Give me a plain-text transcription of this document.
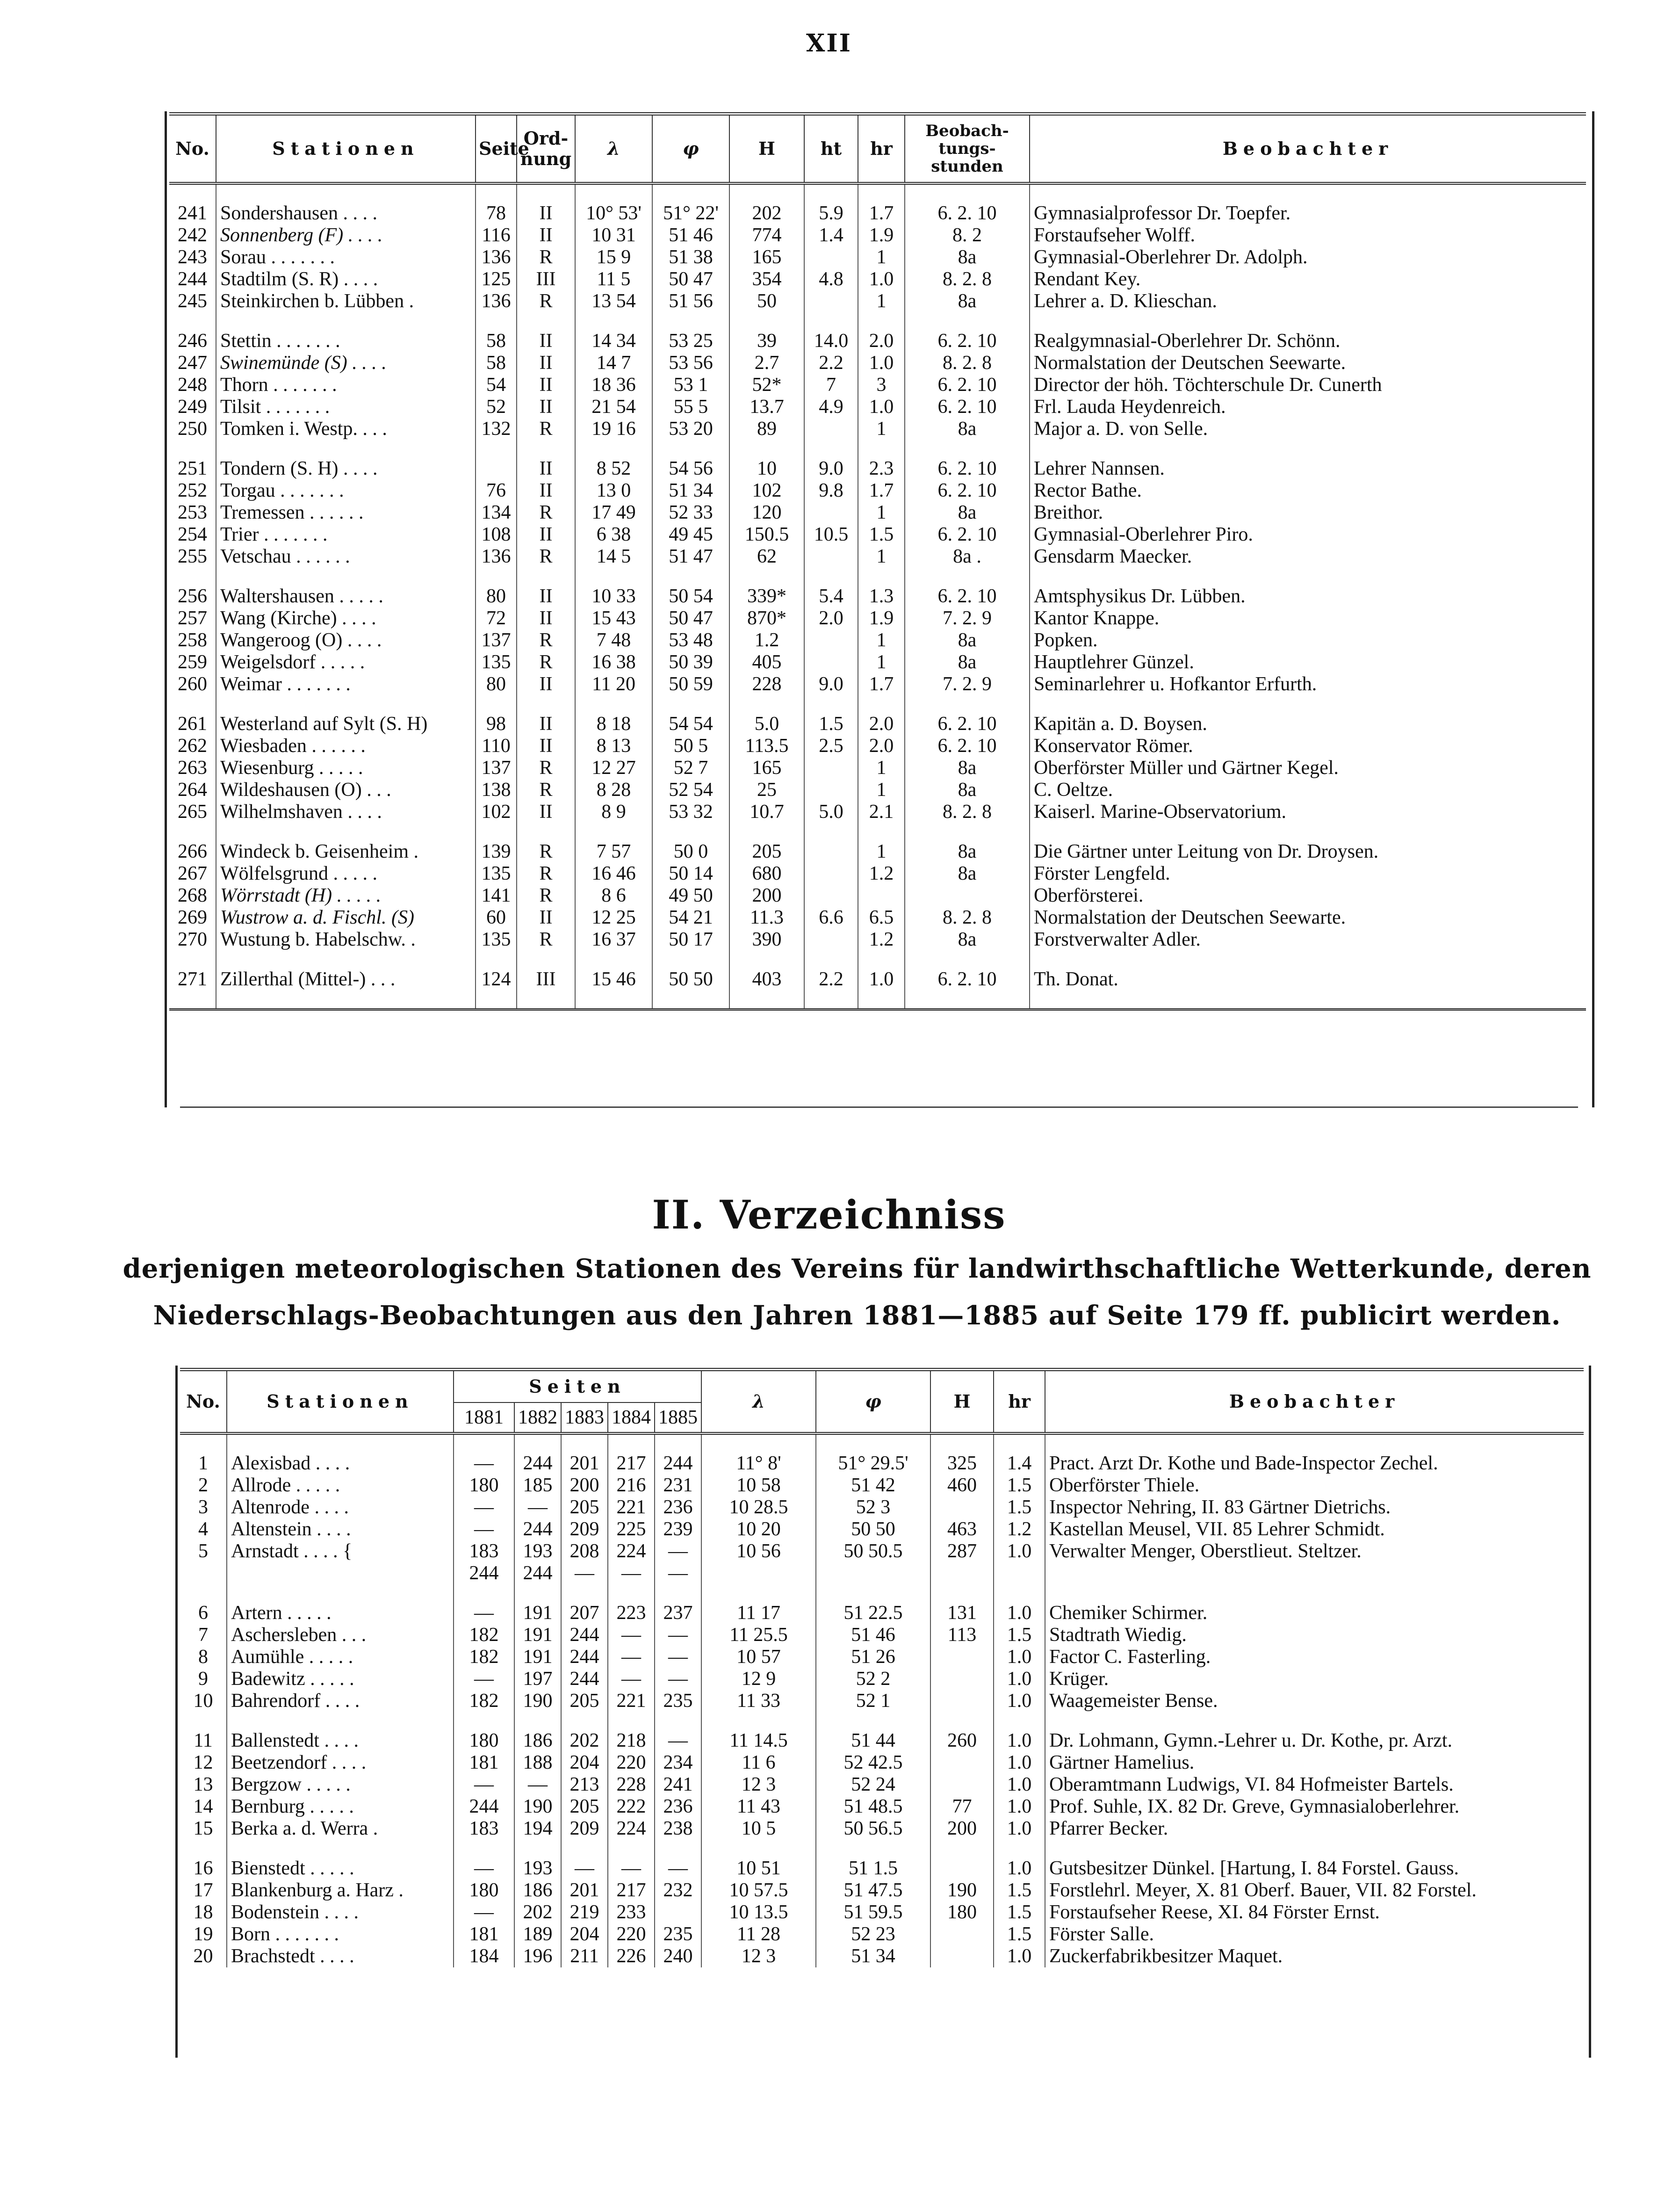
XII
No.	Stationen	Seite	Ord-
nung	λ	φ	H	ht	hr	Beobach-
tungs-
stunden	Beobachter

241	Sondershausen . . . .	78	II	10° 53'	51° 22'	202	5.9	1.7	6. 2. 10	Gymnasialprofessor Dr. Toepfer.
242	Sonnenberg (F) . . . .	116	II	10 31	51 46	774	1.4	1.9	8. 2	Forstaufseher Wolff.
243	Sorau . . . . . . .	136	R	15 9	51 38	165		1	8a	Gymnasial-Oberlehrer Dr. Adolph.
244	Stadtilm (S. R) . . . .	125	III	11 5	50 47	354	4.8	1.0	8. 2. 8	Rendant Key.
245	Steinkirchen b. Lübben .	136	R	13 54	51 56	50		1	8a	Lehrer a. D. Klieschan.

246	Stettin . . . . . . .	58	II	14 34	53 25	39	14.0	2.0	6. 2. 10	Realgymnasial-Oberlehrer Dr. Schönn.
247	Swinemünde (S) . . . .	58	II	14 7	53 56	2.7	2.2	1.0	8. 2. 8	Normalstation der Deutschen Seewarte.
248	Thorn . . . . . . .	54	II	18 36	53 1	52*	7	3	6. 2. 10	Director der höh. Töchterschule Dr. Cunerth
249	Tilsit . . . . . . .	52	II	21 54	55 5	13.7	4.9	1.0	6. 2. 10	Frl. Lauda Heydenreich.
250	Tomken i. Westp. . . .	132	R	19 16	53 20	89		1	8a	Major a. D. von Selle.

251	Tondern (S. H) . . . .		II	8 52	54 56	10	9.0	2.3	6. 2. 10	Lehrer Nannsen.
252	Torgau . . . . . . .	76	II	13 0	51 34	102	9.8	1.7	6. 2. 10	Rector Bathe.
253	Tremessen . . . . . .	134	R	17 49	52 33	120		1	8a	Breithor.
254	Trier . . . . . . .	108	II	6 38	49 45	150.5	10.5	1.5	6. 2. 10	Gymnasial-Oberlehrer Piro.
255	Vetschau . . . . . .	136	R	14 5	51 47	62		1	8a .	Gensdarm Maecker.

256	Waltershausen . . . . .	80	II	10 33	50 54	339*	5.4	1.3	6. 2. 10	Amtsphysikus Dr. Lübben.
257	Wang (Kirche) . . . .	72	II	15 43	50 47	870*	2.0	1.9	7. 2. 9	Kantor Knappe.
258	Wangeroog (O) . . . .	137	R	7 48	53 48	1.2		1	8a	Popken.
259	Weigelsdorf . . . . .	135	R	16 38	50 39	405		1	8a	Hauptlehrer Günzel.
260	Weimar . . . . . . .	80	II	11 20	50 59	228	9.0	1.7	7. 2. 9	Seminarlehrer u. Hofkantor Erfurth.

261	Westerland auf Sylt (S. H)	98	II	8 18	54 54	5.0	1.5	2.0	6. 2. 10	Kapitän a. D. Boysen.
262	Wiesbaden . . . . . .	110	II	8 13	50 5	113.5	2.5	2.0	6. 2. 10	Konservator Römer.
263	Wiesenburg . . . . .	137	R	12 27	52 7	165		1	8a	Oberförster Müller und Gärtner Kegel.
264	Wildeshausen (O) . . .	138	R	8 28	52 54	25		1	8a	C. Oeltze.
265	Wilhelmshaven . . . .	102	II	8 9	53 32	10.7	5.0	2.1	8. 2. 8	Kaiserl. Marine-Observatorium.

266	Windeck b. Geisenheim .	139	R	7 57	50 0	205		1	8a	Die Gärtner unter Leitung von Dr. Droysen.
267	Wölfelsgrund . . . . .	135	R	16 46	50 14	680		1.2	8a	Förster Lengfeld.
268	Wörrstadt (H) . . . . .	141	R	8 6	49 50	200				Oberförsterei.
269	Wustrow a. d. Fischl. (S)	60	II	12 25	54 21	11.3	6.6	6.5	8. 2. 8	Normalstation der Deutschen Seewarte.
270	Wustung b. Habelschw. .	135	R	16 37	50 17	390		1.2	8a	Forstverwalter Adler.

271	Zillerthal (Mittel-) . . .	124	III	15 46	50 50	403	2.2	1.0	6. 2. 10	Th. Donat.

II. Verzeichniss
derjenigen meteorologischen Stationen des Vereins für landwirthschaftliche Wetterkunde, deren
Niederschlags-Beobachtungen aus den Jahren 1881—1885 auf Seite 179 ff. publicirt werden.
No.	Stationen	Seiten					λ	φ	H	hr	Beobachter
		1881	1882	1883	1884	1885					

1	Alexisbad . . . .	—	244	201	217	244	11° 8'	51° 29.5'	325	1.4	Pract. Arzt Dr. Kothe und Bade-Inspector Zechel.
2	Allrode . . . . .	180	185	200	216	231	10 58	51 42	460	1.5	Oberförster Thiele.
3	Altenrode . . . .	—	—	205	221	236	10 28.5	52 3		1.5	Inspector Nehring, II. 83 Gärtner Dietrichs.
4	Altenstein . . . .	—	244	209	225	239	10 20	50 50	463	1.2	Kastellan Meusel, VII. 85 Lehrer Schmidt.
5	Arnstadt . . . . {	183	193	208	224	—	10 56	50 50.5	287	1.0	Verwalter Menger, Oberstlieut. Steltzer.
		244	244	—	—	—					

6	Artern . . . . .	—	191	207	223	237	11 17	51 22.5	131	1.0	Chemiker Schirmer.
7	Aschersleben . . .	182	191	244	—	—	11 25.5	51 46	113	1.5	Stadtrath Wiedig.
8	Aumühle . . . . .	182	191	244	—	—	10 57	51 26		1.0	Factor C. Fasterling.
9	Badewitz . . . . .	—	197	244	—	—	12 9	52 2		1.0	Krüger.
10	Bahrendorf . . . .	182	190	205	221	235	11 33	52 1		1.0	Waagemeister Bense.

11	Ballenstedt . . . .	180	186	202	218	—	11 14.5	51 44	260	1.0	Dr. Lohmann, Gymn.-Lehrer u. Dr. Kothe, pr. Arzt.
12	Beetzendorf . . . .	181	188	204	220	234	11 6	52 42.5		1.0	Gärtner Hamelius.
13	Bergzow . . . . .	—	—	213	228	241	12 3	52 24		1.0	Oberamtmann Ludwigs, VI. 84 Hofmeister Bartels.
14	Bernburg . . . . .	244	190	205	222	236	11 43	51 48.5	77	1.0	Prof. Suhle, IX. 82 Dr. Greve, Gymnasialoberlehrer.
15	Berka a. d. Werra .	183	194	209	224	238	10 5	50 56.5	200	1.0	Pfarrer Becker.

16	Bienstedt . . . . .	—	193	—	—	—	10 51	51 1.5		1.0	Gutsbesitzer Dünkel. [Hartung, I. 84 Forstel. Gauss.
17	Blankenburg a. Harz .	180	186	201	217	232	10 57.5	51 47.5	190	1.5	Forstlehrl. Meyer, X. 81 Oberf. Bauer, VII. 82 Forstel.
18	Bodenstein . . . .	—	202	219	233		10 13.5	51 59.5	180	1.5	Forstaufseher Reese, XI. 84 Förster Ernst.
19	Born . . . . . . .	181	189	204	220	235	11 28	52 23		1.5	Förster Salle.
20	Brachstedt . . . .	184	196	211	226	240	12 3	51 34		1.0	Zuckerfabrikbesitzer Maquet.
